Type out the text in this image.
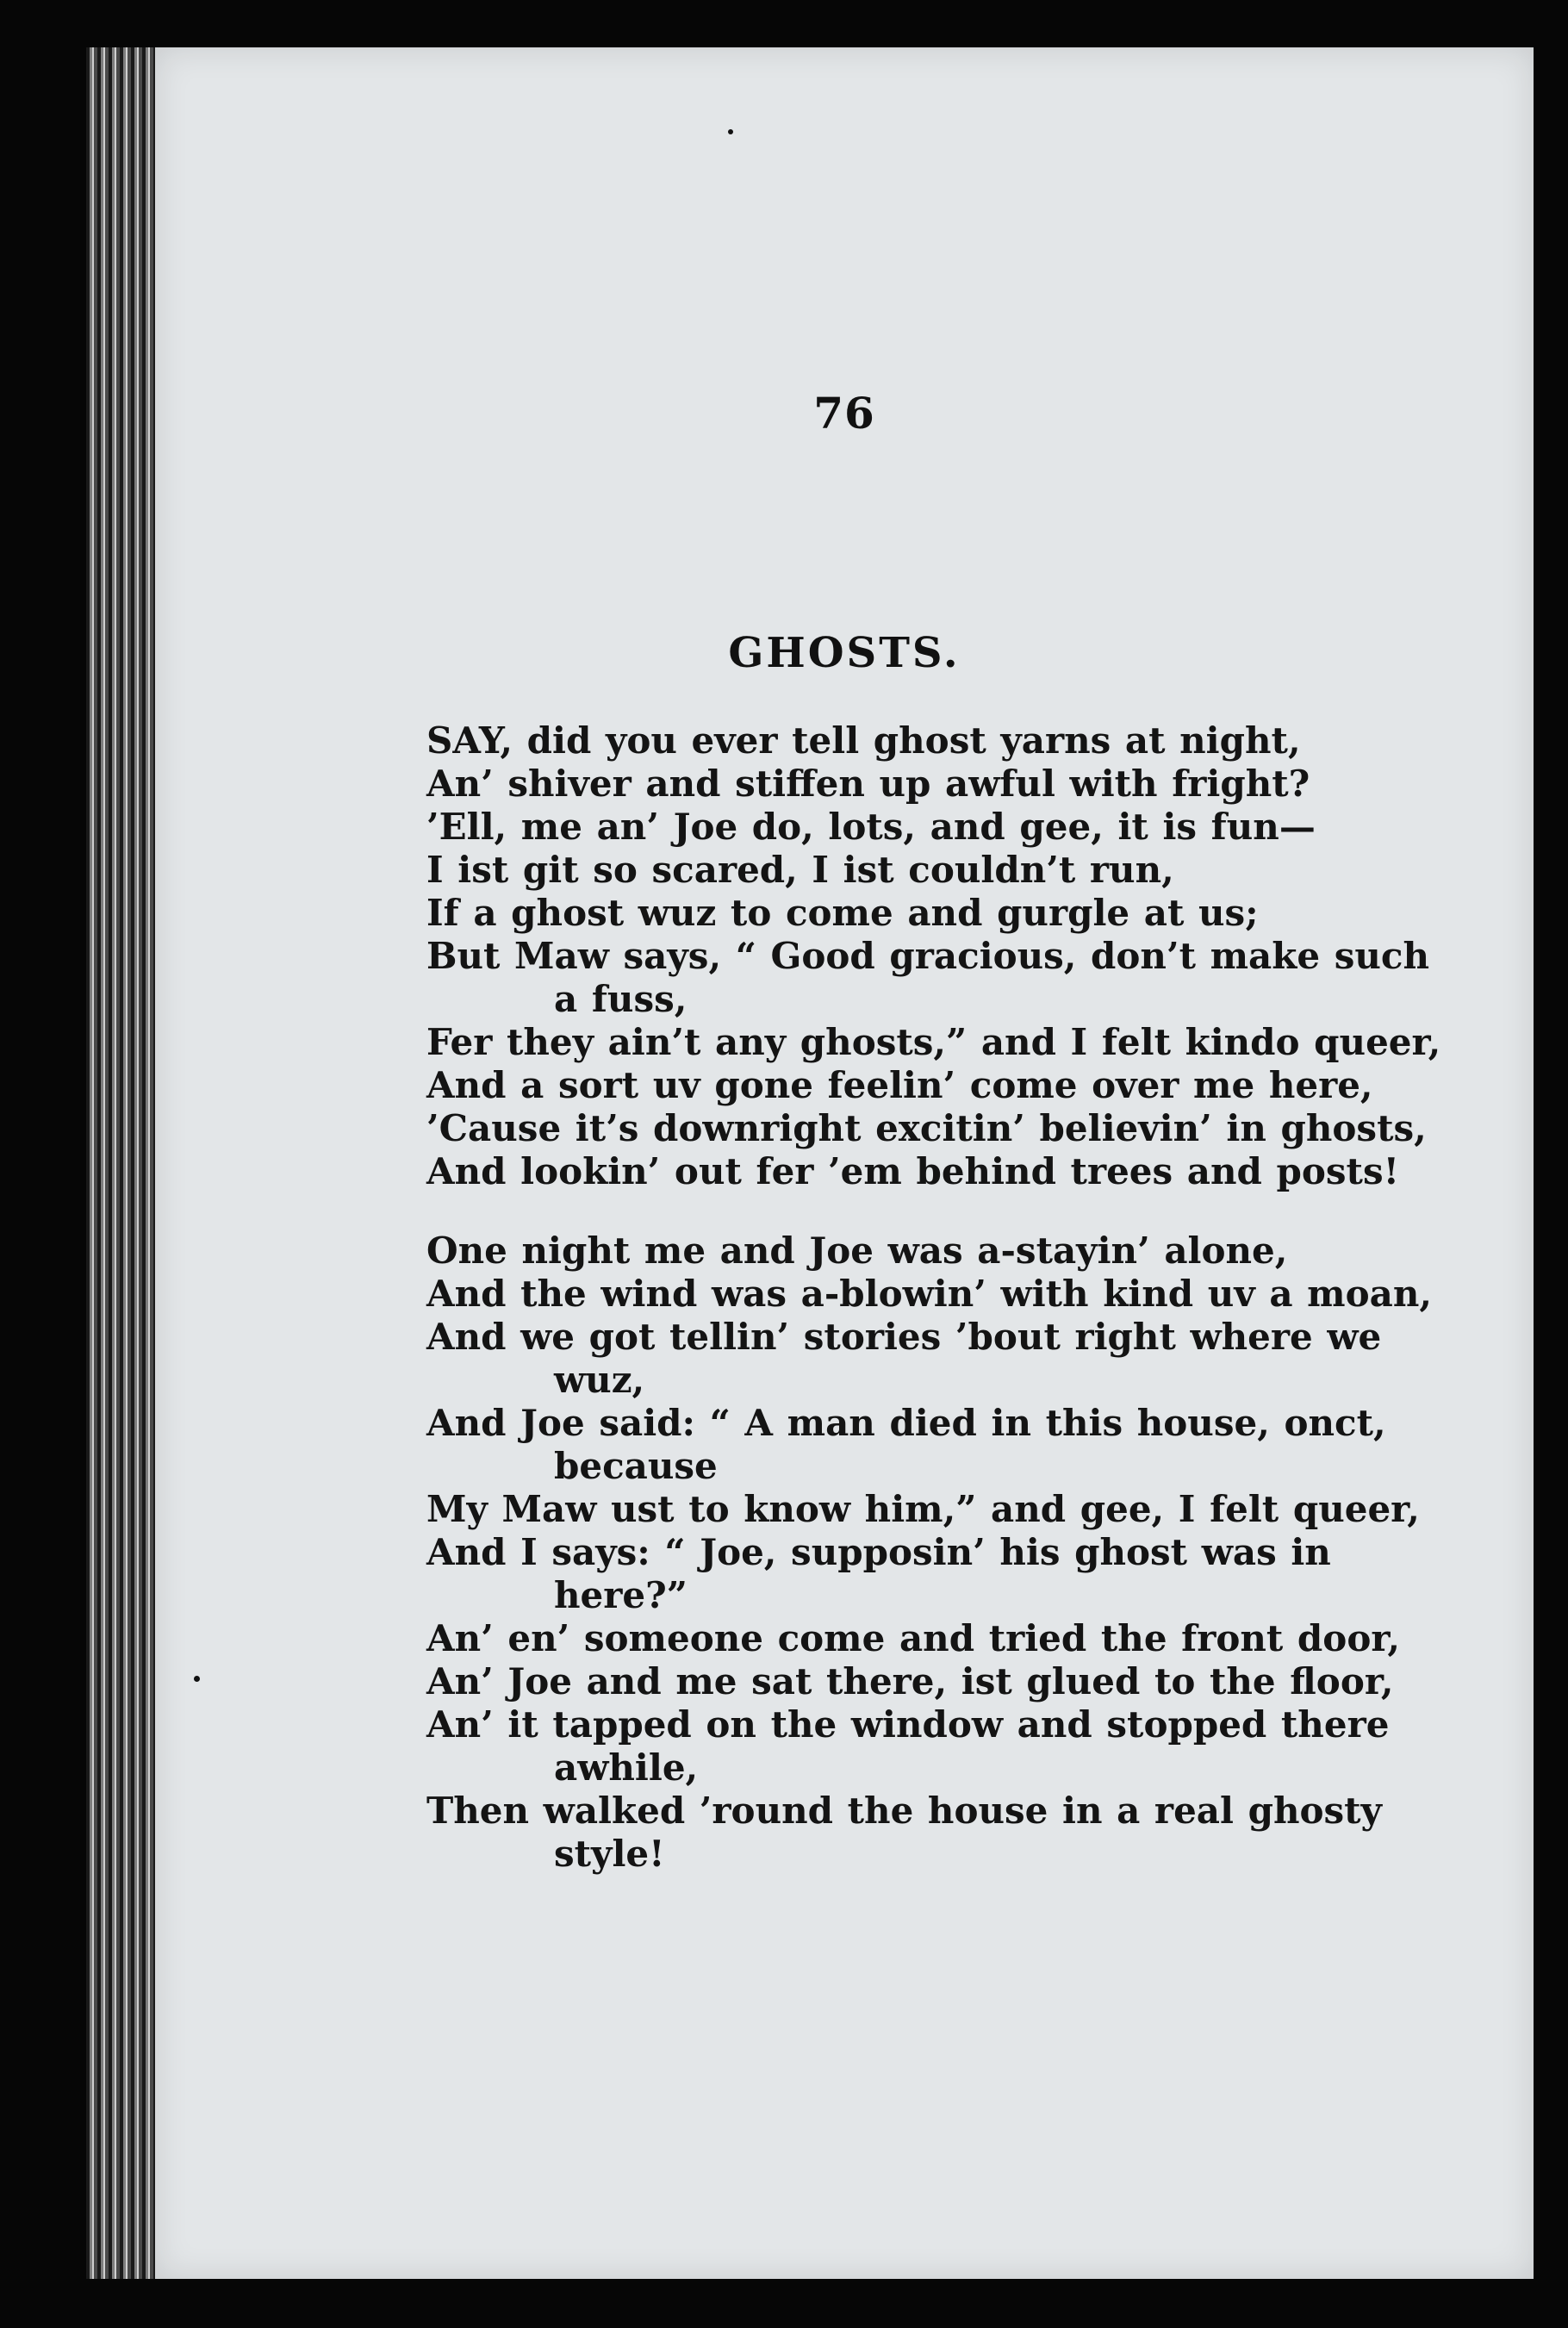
76
GHOSTS.
SAY, did you ever tell ghost yarns at night,
An’ shiver and stiffen up awful with fright?
’Ell, me an’ Joe do, lots, and gee, it is fun—
I ist git so scared, I ist couldn’t run,
If a ghost wuz to come and gurgle at us;
But Maw says, “ Good gracious, don’t make such
a fuss,
Fer they ain’t any ghosts,” and I felt kindo queer,
And a sort uv gone feelin’ come over me here,
’Cause it’s downright excitin’ believin’ in ghosts,
And lookin’ out fer ’em behind trees and posts!
One night me and Joe was a-stayin’ alone,
And the wind was a-blowin’ with kind uv a moan,
And we got tellin’ stories ’bout right where we
wuz,
And Joe said: “ A man died in this house, onct,
because
My Maw ust to know him,” and gee, I felt queer,
And I says: “ Joe, supposin’ his ghost was in
here?”
An’ en’ someone come and tried the front door,
An’ Joe and me sat there, ist glued to the floor,
An’ it tapped on the window and stopped there
awhile,
Then walked ’round the house in a real ghosty
style!
